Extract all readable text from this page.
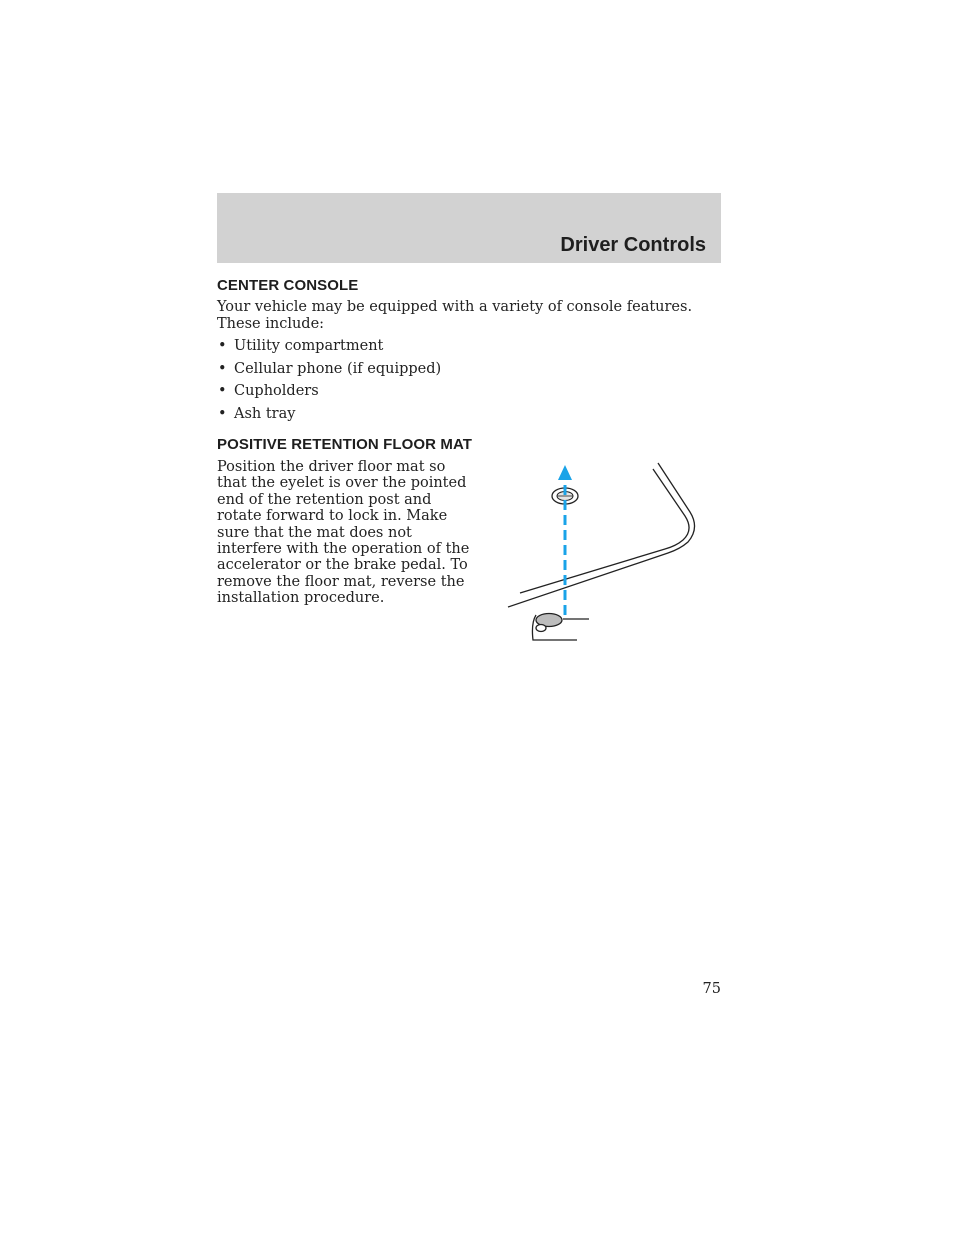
Driver Controls
CENTER CONSOLE

Your vehicle may be equipped with a variety of console features. These include:

• Utility compartment
• Cellular phone (if equipped)
• Cupholders
• Ash tray
POSITIVE RETENTION FLOOR MAT

Position the driver floor mat so that the eyelet is over the pointed end of the retention post and rotate forward to lock in. Make sure that the mat does not interfere with the operation of the accelerator or the brake pedal. To remove the floor mat, reverse the installation procedure.

75
